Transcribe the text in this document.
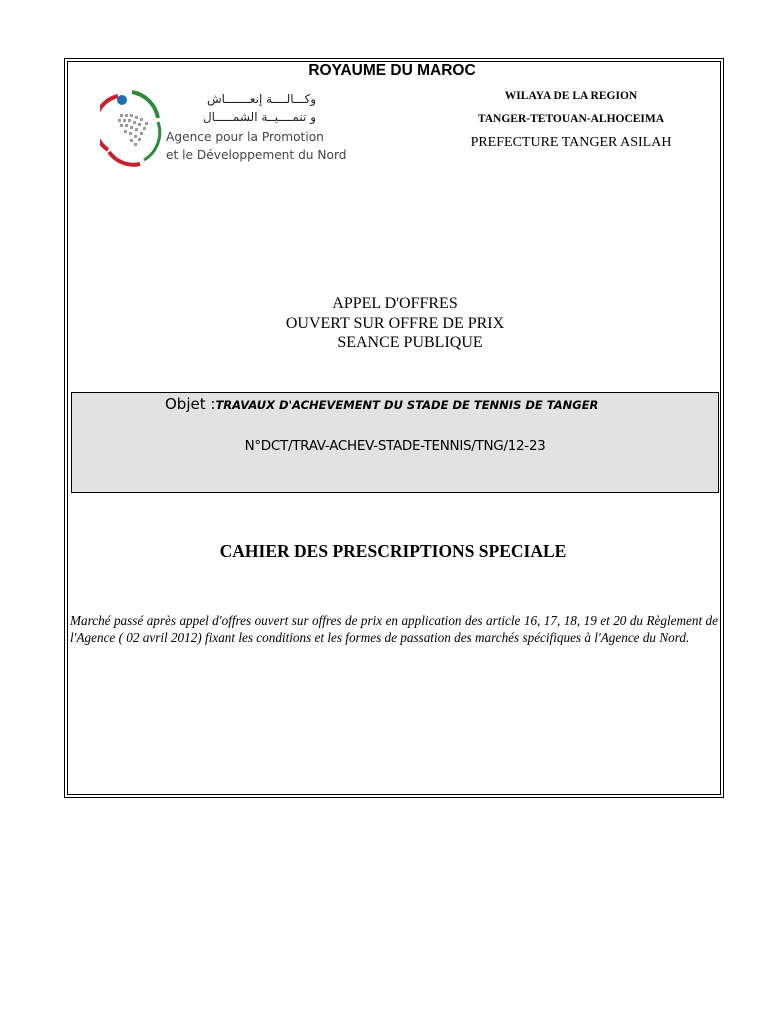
ROYAUME DU MAROC
وكـــالــــة إنعـــــــاش
و تنمــــيــة الشمـــــال
Agence pour la Promotion
et le Développement du Nord
WILAYA DE LA REGION
TANGER-TETOUAN-ALHOCEIMA
PREFECTURE TANGER ASILAH
APPEL D'OFFRES
OUVERT SUR OFFRE DE PRIX
SEANCE PUBLIQUE
Objet :TRAVAUX D'ACHEVEMENT DU STADE DE TENNIS DE TANGER
N°DCT/TRAV-ACHEV-STADE-TENNIS/TNG/12-23
CAHIER DES PRESCRIPTIONS SPECIALE
Marché passé après appel d'offres ouvert sur offres de prix en application des article 16, 17, 18, 19 et 20 du Règlement de l'Agence ( 02 avril 2012) fixant les conditions et les formes de passation des marchés spécifiques à l'Agence du Nord.
